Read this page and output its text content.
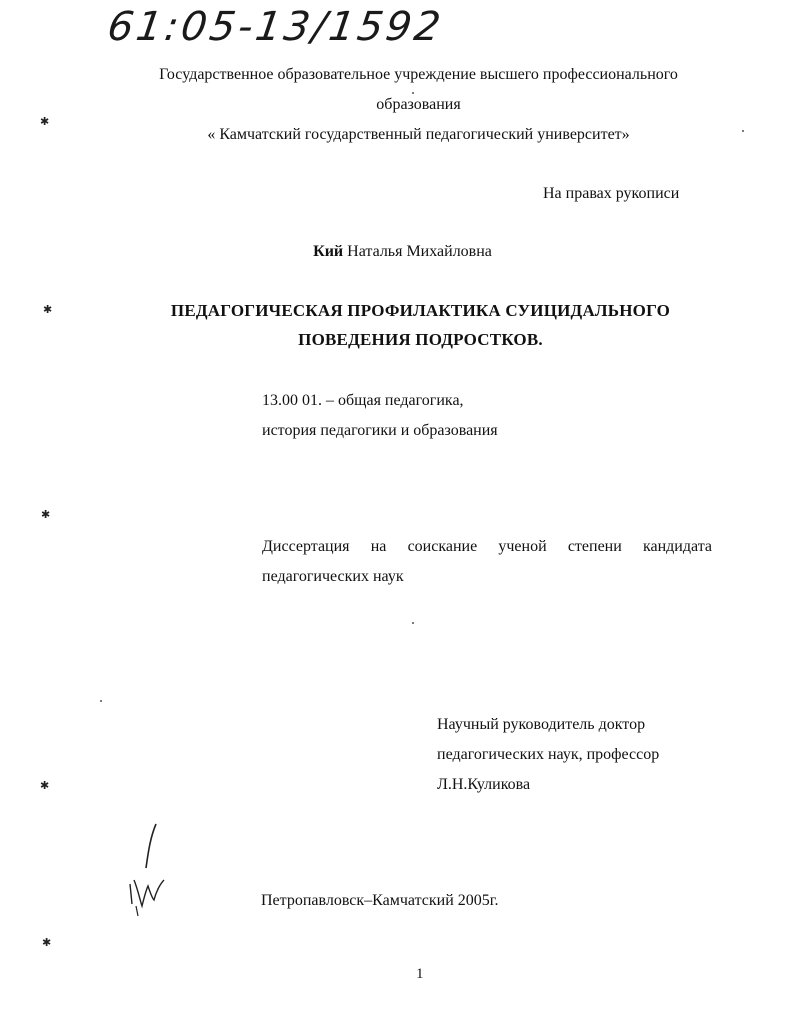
61:05-13/1592
Государственное образовательное учреждение высшего профессионального
образования
« Камчатский государственный педагогический университет»
На правах рукописи
Кий Наталья Михайловна
ПЕДАГОГИЧЕСКАЯ ПРОФИЛАКТИКА СУИЦИДАЛЬНОГО
ПОВЕДЕНИЯ ПОДРОСТКОВ.
13.00 01. – общая педагогика,
история педагогики и образования
Диссертация на соискание ученой степени кандидата
педагогических наук
Научный руководитель доктор
педагогических наук, профессор
Л.Н.Куликова
Петропавловск–Камчатский 2005г.
1
✱
✱
✱
✱
✱
